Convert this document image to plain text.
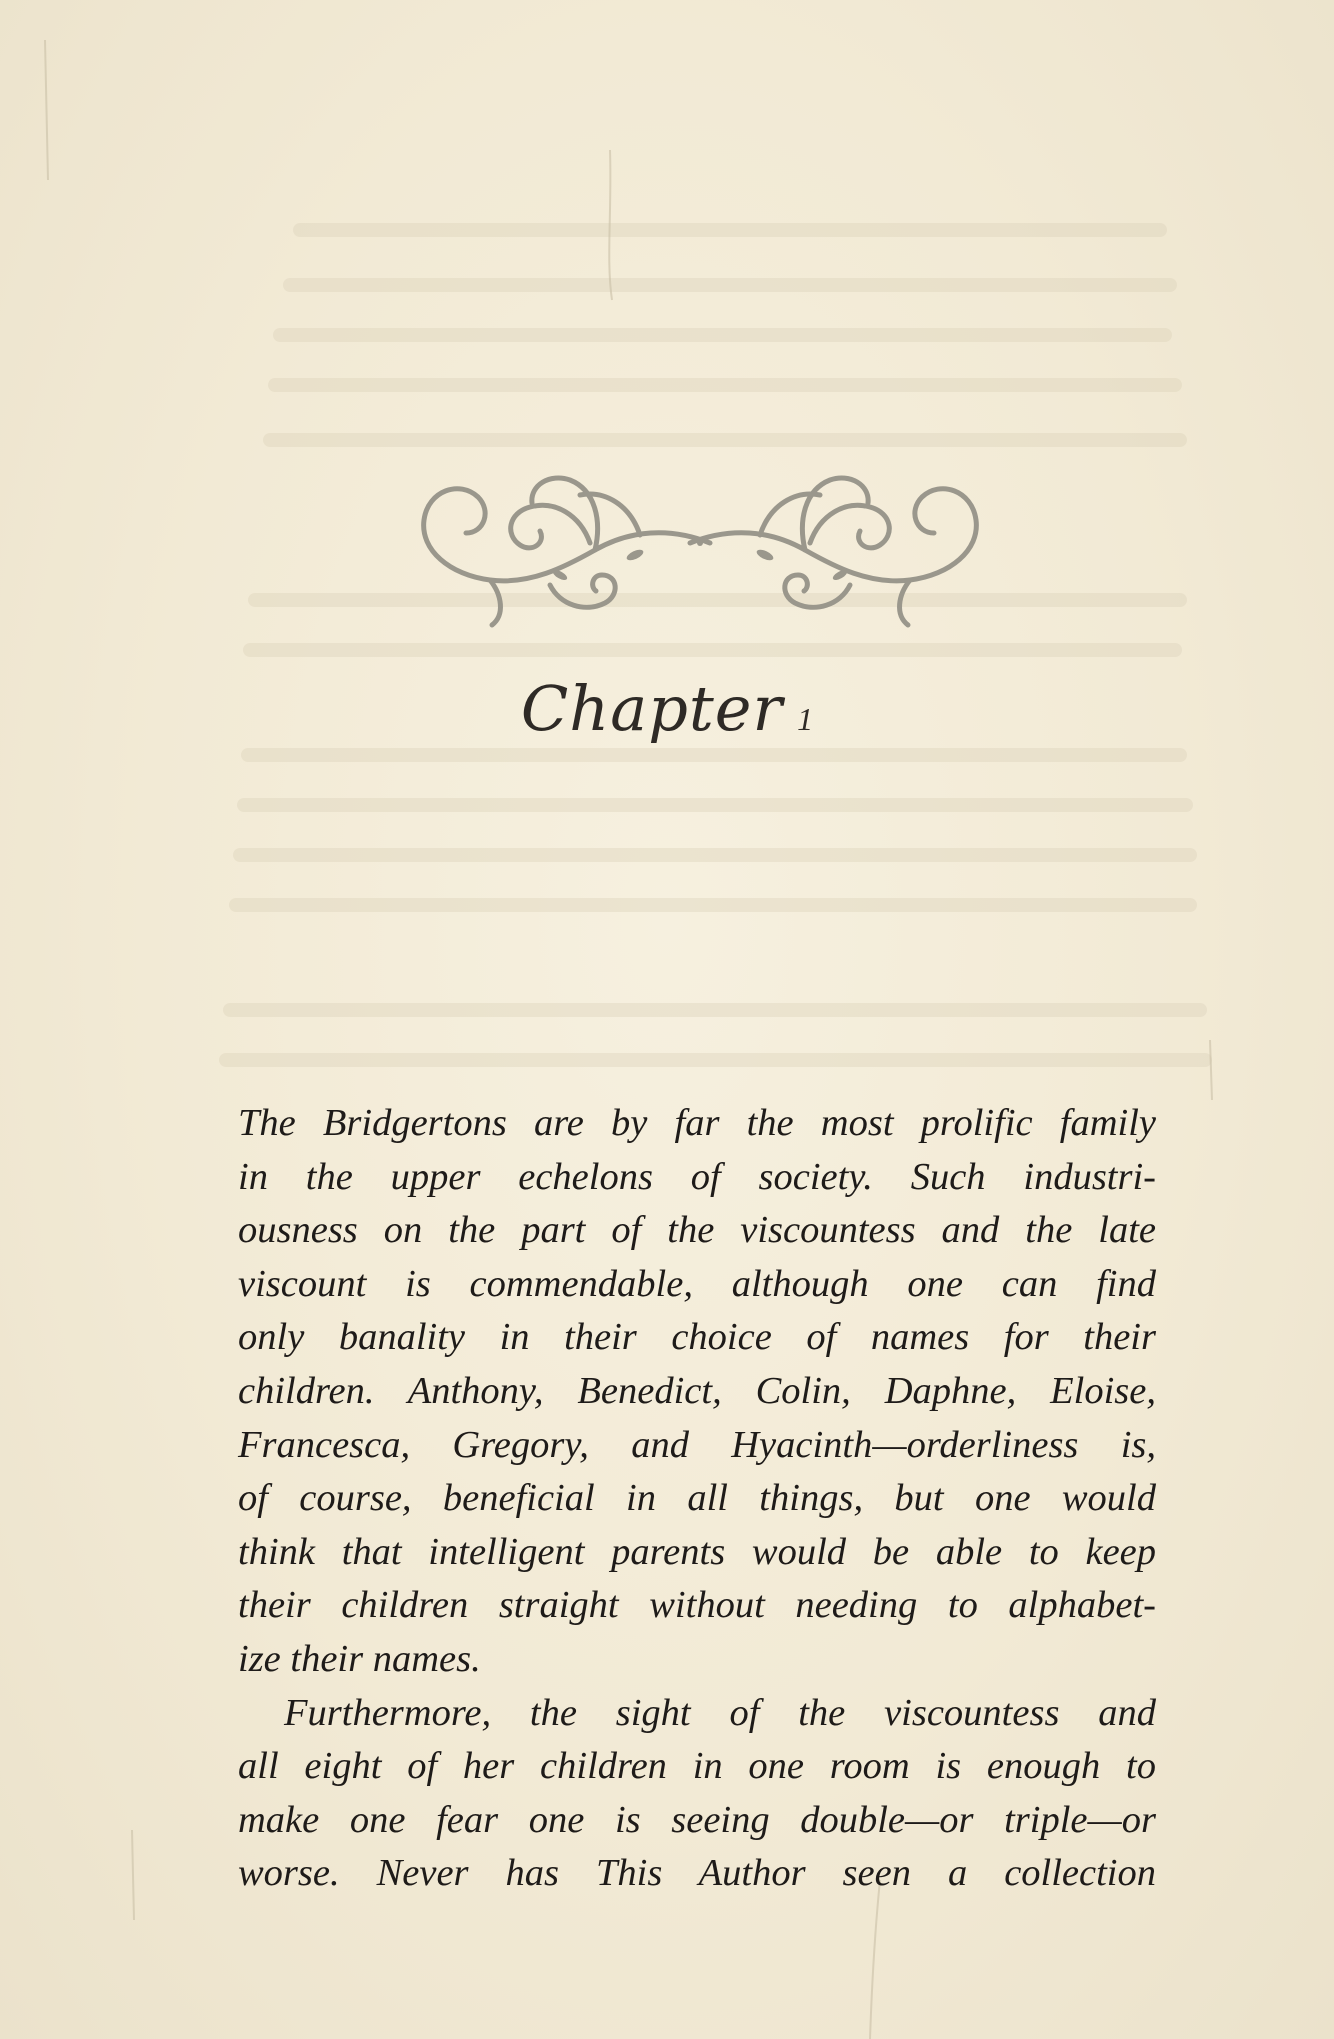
Chapter 1
The Bridgertons are by far the most prolific family
in the upper echelons of society. Such industri-
ousness on the part of the viscountess and the late
viscount is commendable, although one can find
only banality in their choice of names for their
children. Anthony, Benedict, Colin, Daphne, Eloise,
Francesca, Gregory, and Hyacinth—orderliness is,
of course, beneficial in all things, but one would
think that intelligent parents would be able to keep
their children straight without needing to alphabet-
ize their names.
Furthermore, the sight of the viscountess and
all eight of her children in one room is enough to
make one fear one is seeing double—or triple—or
worse. Never has This Author seen a collection
